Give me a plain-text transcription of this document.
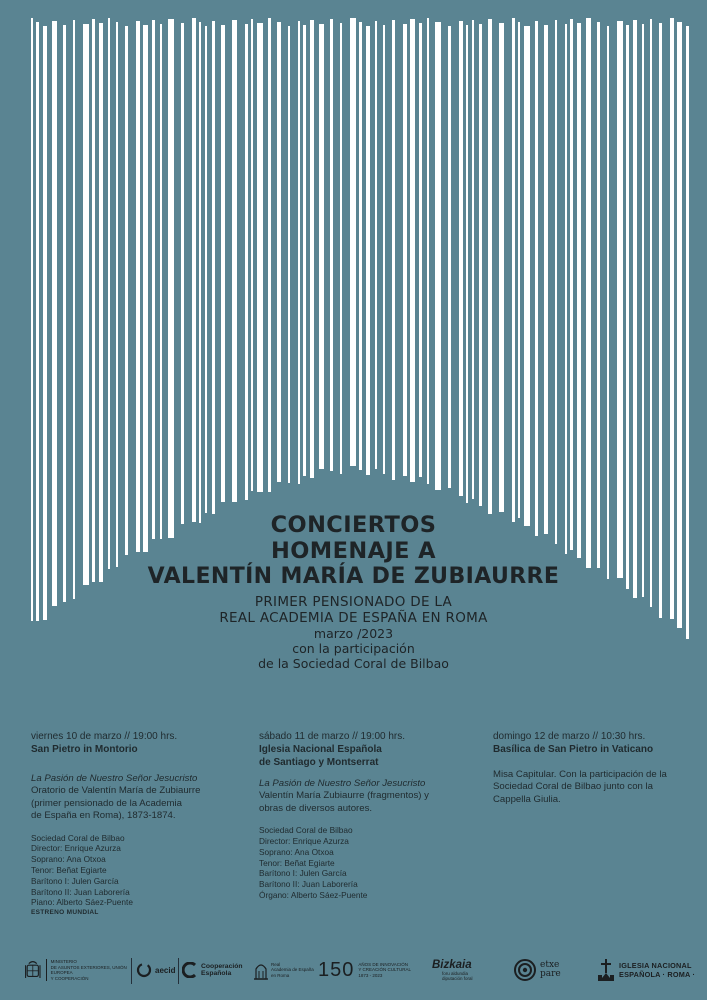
CONCIERTOS
HOMENAJE A
VALENTÍN MARÍA DE ZUBIAURRE
PRIMER PENSIONADO DE LA
REAL ACADEMIA DE ESPAÑA EN ROMA
marzo /2023
con la participación
de la Sociedad Coral de Bilbao
viernes 10 de marzo // 19:00 hrs.
San Pietro in Montorio
La Pasión de Nuestro Señor Jesucristo
Oratorio de Valentín María de Zubiaurre
(primer pensionado de la Academia
de España en Roma), 1873-1874.
Sociedad Coral de Bilbao
Director: Enrique Azurza
Soprano: Ana Otxoa
Tenor: Beñat Egiarte
Barítono I: Julen García
Barítono II: Juan Laborería
Piano: Alberto Sáez-Puente
ESTRENO MUNDIAL
sábado 11 de marzo // 19:00 hrs.
Iglesia Nacional Española
de Santiago y Montserrat
La Pasión de Nuestro Señor Jesucristo
Valentín María Zubiaurre (fragmentos) y
obras de diversos autores.
Sociedad Coral de Bilbao
Director: Enrique Azurza
Soprano: Ana Otxoa
Tenor: Beñat Egiarte
Barítono I: Julen García
Barítono II: Juan Laborería
Órgano: Alberto Sáez-Puente
domingo 12 de marzo // 10:30 hrs.
Basílica de San Pietro in Vaticano
Misa Capitular. Con la participación de la
Sociedad Coral de Bilbao junto con la
Cappella Giulia.
MINISTERIO
DE ASUNTOS EXTERIORES, UNIÓN EUROPEA
Y COOPERACIÓN
aecid	Cooperación
Española
Real
Academia de España
en Roma	150 AÑOS DE INNOVACIÓN
Y CREACIÓN CULTURAL
1873 - 2023
Bizkaia
foru aldundia
diputación foral
etxe
pare
IGLESIA NACIONAL
ESPAÑOLA · ROMA ·
